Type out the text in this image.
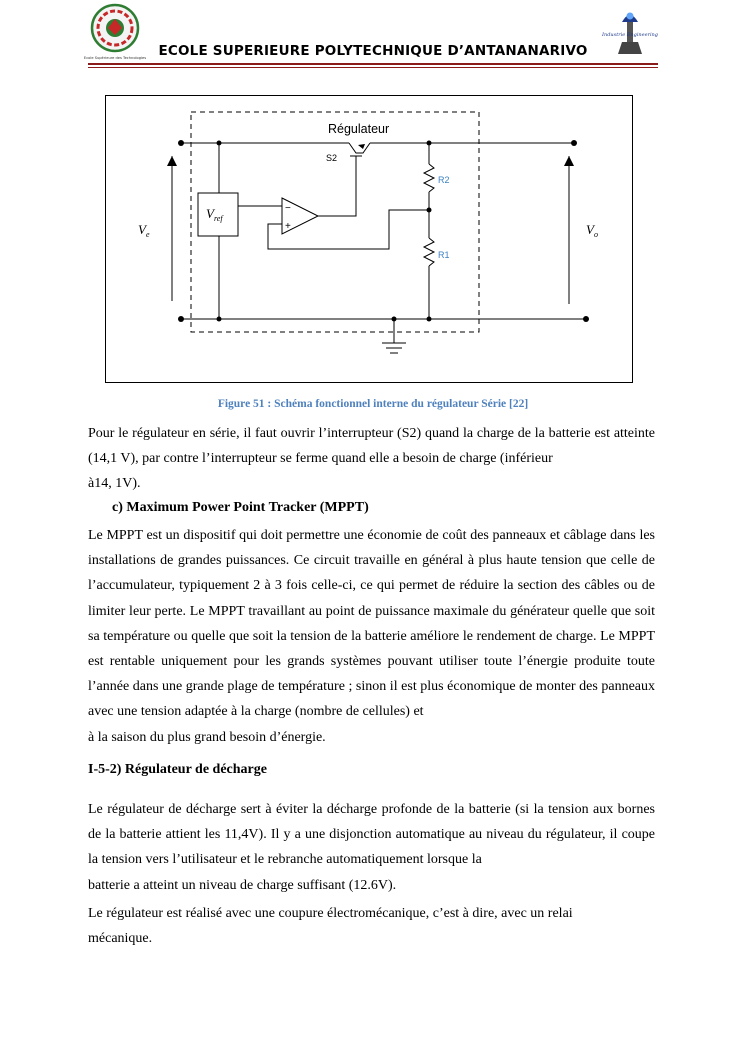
Ecole Supérieure des Technologies
Industrie Engineering
ECOLE SUPERIEURE POLYTECHNIQUE D’ANTANANARIVO
Régulateur
S2
R2
R1
−
+
$V_{ref}$
$V_e$	$V_o$
Figure 51 : Schéma fonctionnel interne du régulateur Série [22]
Pour le régulateur en série, il faut ouvrir l’interrupteur (S2) quand la charge de la batterie est atteinte (14,1 V), par contre l’interrupteur se ferme quand elle a besoin de charge (inférieur
à14, 1V).
c) Maximum Power Point Tracker (MPPT)
Le MPPT est un dispositif qui doit permettre une économie de coût des panneaux et câblage dans les installations de grandes puissances. Ce circuit travaille en général à plus haute tension que celle de l’accumulateur, typiquement 2 à 3 fois celle-ci, ce qui permet de réduire la section des câbles ou de limiter leur perte. Le MPPT travaillant au point de puissance maximale du générateur quelle que soit sa température ou quelle que soit la tension de la batterie améliore le rendement de charge. Le MPPT est rentable uniquement pour les grands systèmes pouvant utiliser toute l’énergie produite toute l’année dans une grande plage de température ; sinon il est plus économique de monter des panneaux avec une tension adaptée à la charge (nombre de cellules) et
à la saison du plus grand besoin d’énergie.
I-5-2) Régulateur de décharge
Le régulateur de décharge sert à éviter la décharge profonde de la batterie (si la tension aux bornes de la batterie attient les 11,4V). Il y a une disjonction automatique au niveau du régulateur, il coupe la tension vers l’utilisateur et le rebranche automatiquement lorsque la
batterie a atteint un niveau de charge suffisant (12.6V).
Le régulateur est réalisé avec une coupure électromécanique, c’est à dire, avec un relai
mécanique.
